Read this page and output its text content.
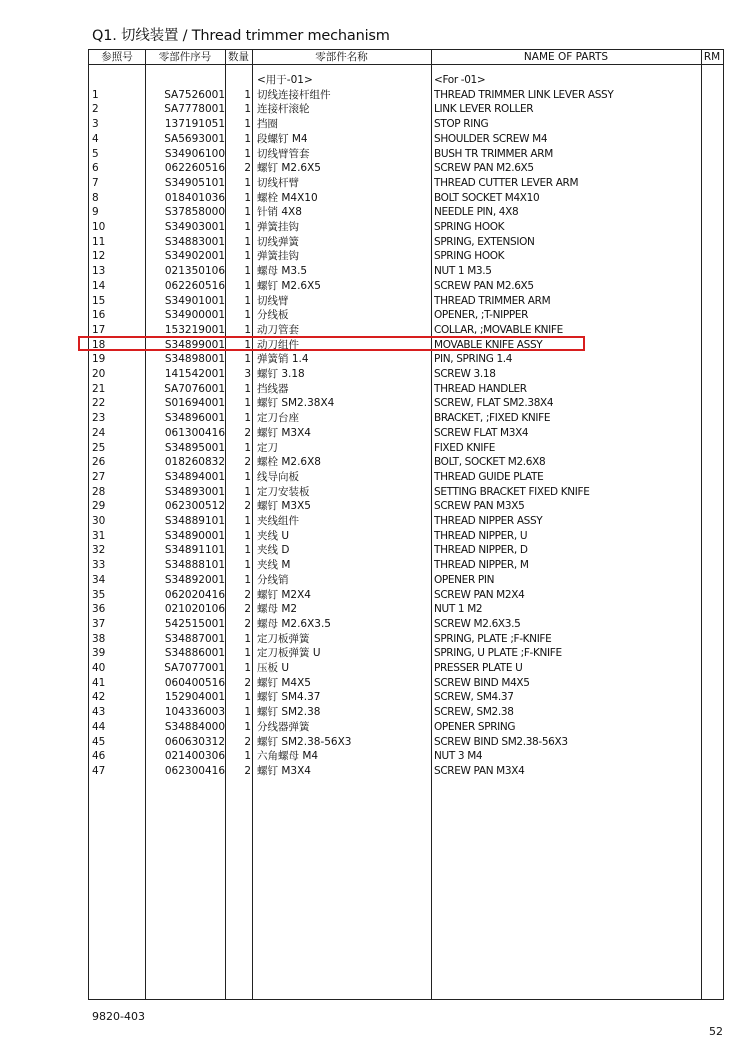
Q1. 切线装置 / Thread trimmer mechanism
参照号	零部件序号	数量	零部件名称	NAME OF PARTS	RM
<用于-01>	<For -01>
1	SA7526001	1 切线连接杆组件	THREAD TRIMMER LINK LEVER ASSY
2	SA7778001	1 连接杆滚轮	LINK LEVER ROLLER
3	137191051	1 挡圈	STOP RING
4	SA5693001	1 段螺钉 M4	SHOULDER SCREW M4
5	S34906100	1 切线臂管套	BUSH TR TRIMMER ARM
6	062260516	2 螺钉 M2.6X5	SCREW PAN M2.6X5
7	S34905101	1 切线杆臂	THREAD CUTTER LEVER ARM
8	018401036	1 螺栓 M4X10	BOLT SOCKET M4X10
9	S37858000	1 针销 4X8	NEEDLE PIN, 4X8
10	S34903001	1 弹簧挂钩	SPRING HOOK
11	S34883001	1 切线弹簧	SPRING, EXTENSION
12	S34902001	1 弹簧挂钩	SPRING HOOK
13	021350106	1 螺母 M3.5	NUT 1 M3.5
14	062260516	1 螺钉 M2.6X5	SCREW PAN M2.6X5
15	S34901001	1 切线臂	THREAD TRIMMER ARM
16	S34900001	1 分线板	OPENER, ;T-NIPPER
17	153219001	1 动刀管套	COLLAR, ;MOVABLE KNIFE
18	S34899001	1 动刀组件	MOVABLE KNIFE ASSY
19	S34898001	1 弹簧销 1.4	PIN, SPRING 1.4
20	141542001	3 螺钉 3.18	SCREW 3.18
21	SA7076001	1 挡线器	THREAD HANDLER
22	S01694001	1 螺钉 SM2.38X4	SCREW, FLAT SM2.38X4
23	S34896001	1 定刀台座	BRACKET, ;FIXED KNIFE
24	061300416	2 螺钉 M3X4	SCREW FLAT M3X4
25	S34895001	1 定刀	FIXED KNIFE
26	018260832	2 螺栓 M2.6X8	BOLT, SOCKET M2.6X8
27	S34894001	1 线导向板	THREAD GUIDE PLATE
28	S34893001	1 定刀安装板	SETTING BRACKET FIXED KNIFE
29	062300512	2 螺钉 M3X5	SCREW PAN M3X5
30	S34889101	1 夹线组件	THREAD NIPPER ASSY
31	S34890001	1 夹线 U	THREAD NIPPER, U
32	S34891101	1 夹线 D	THREAD NIPPER, D
33	S34888101	1 夹线 M	THREAD NIPPER, M
34	S34892001	1 分线销	OPENER PIN
35	062020416	2 螺钉 M2X4	SCREW PAN M2X4
36	021020106	2 螺母 M2	NUT 1 M2
37	542515001	2 螺母 M2.6X3.5	SCREW M2.6X3.5
38	S34887001	1 定刀板弹簧	SPRING, PLATE ;F-KNIFE
39	S34886001	1 定刀板弹簧 U	SPRING, U PLATE ;F-KNIFE
40	SA7077001	1 压板 U	PRESSER PLATE U
41	060400516	2 螺钉 M4X5	SCREW BIND M4X5
42	152904001	1 螺钉 SM4.37	SCREW, SM4.37
43	104336003	1 螺钉 SM2.38	SCREW, SM2.38
44	S34884000	1 分线器弹簧	OPENER SPRING
45	060630312	2 螺钉 SM2.38-56X3	SCREW BIND SM2.38-56X3
46	021400306	1 六角螺母 M4	NUT 3 M4
47	062300416	2 螺钉 M3X4	SCREW PAN M3X4
9820-403
52
